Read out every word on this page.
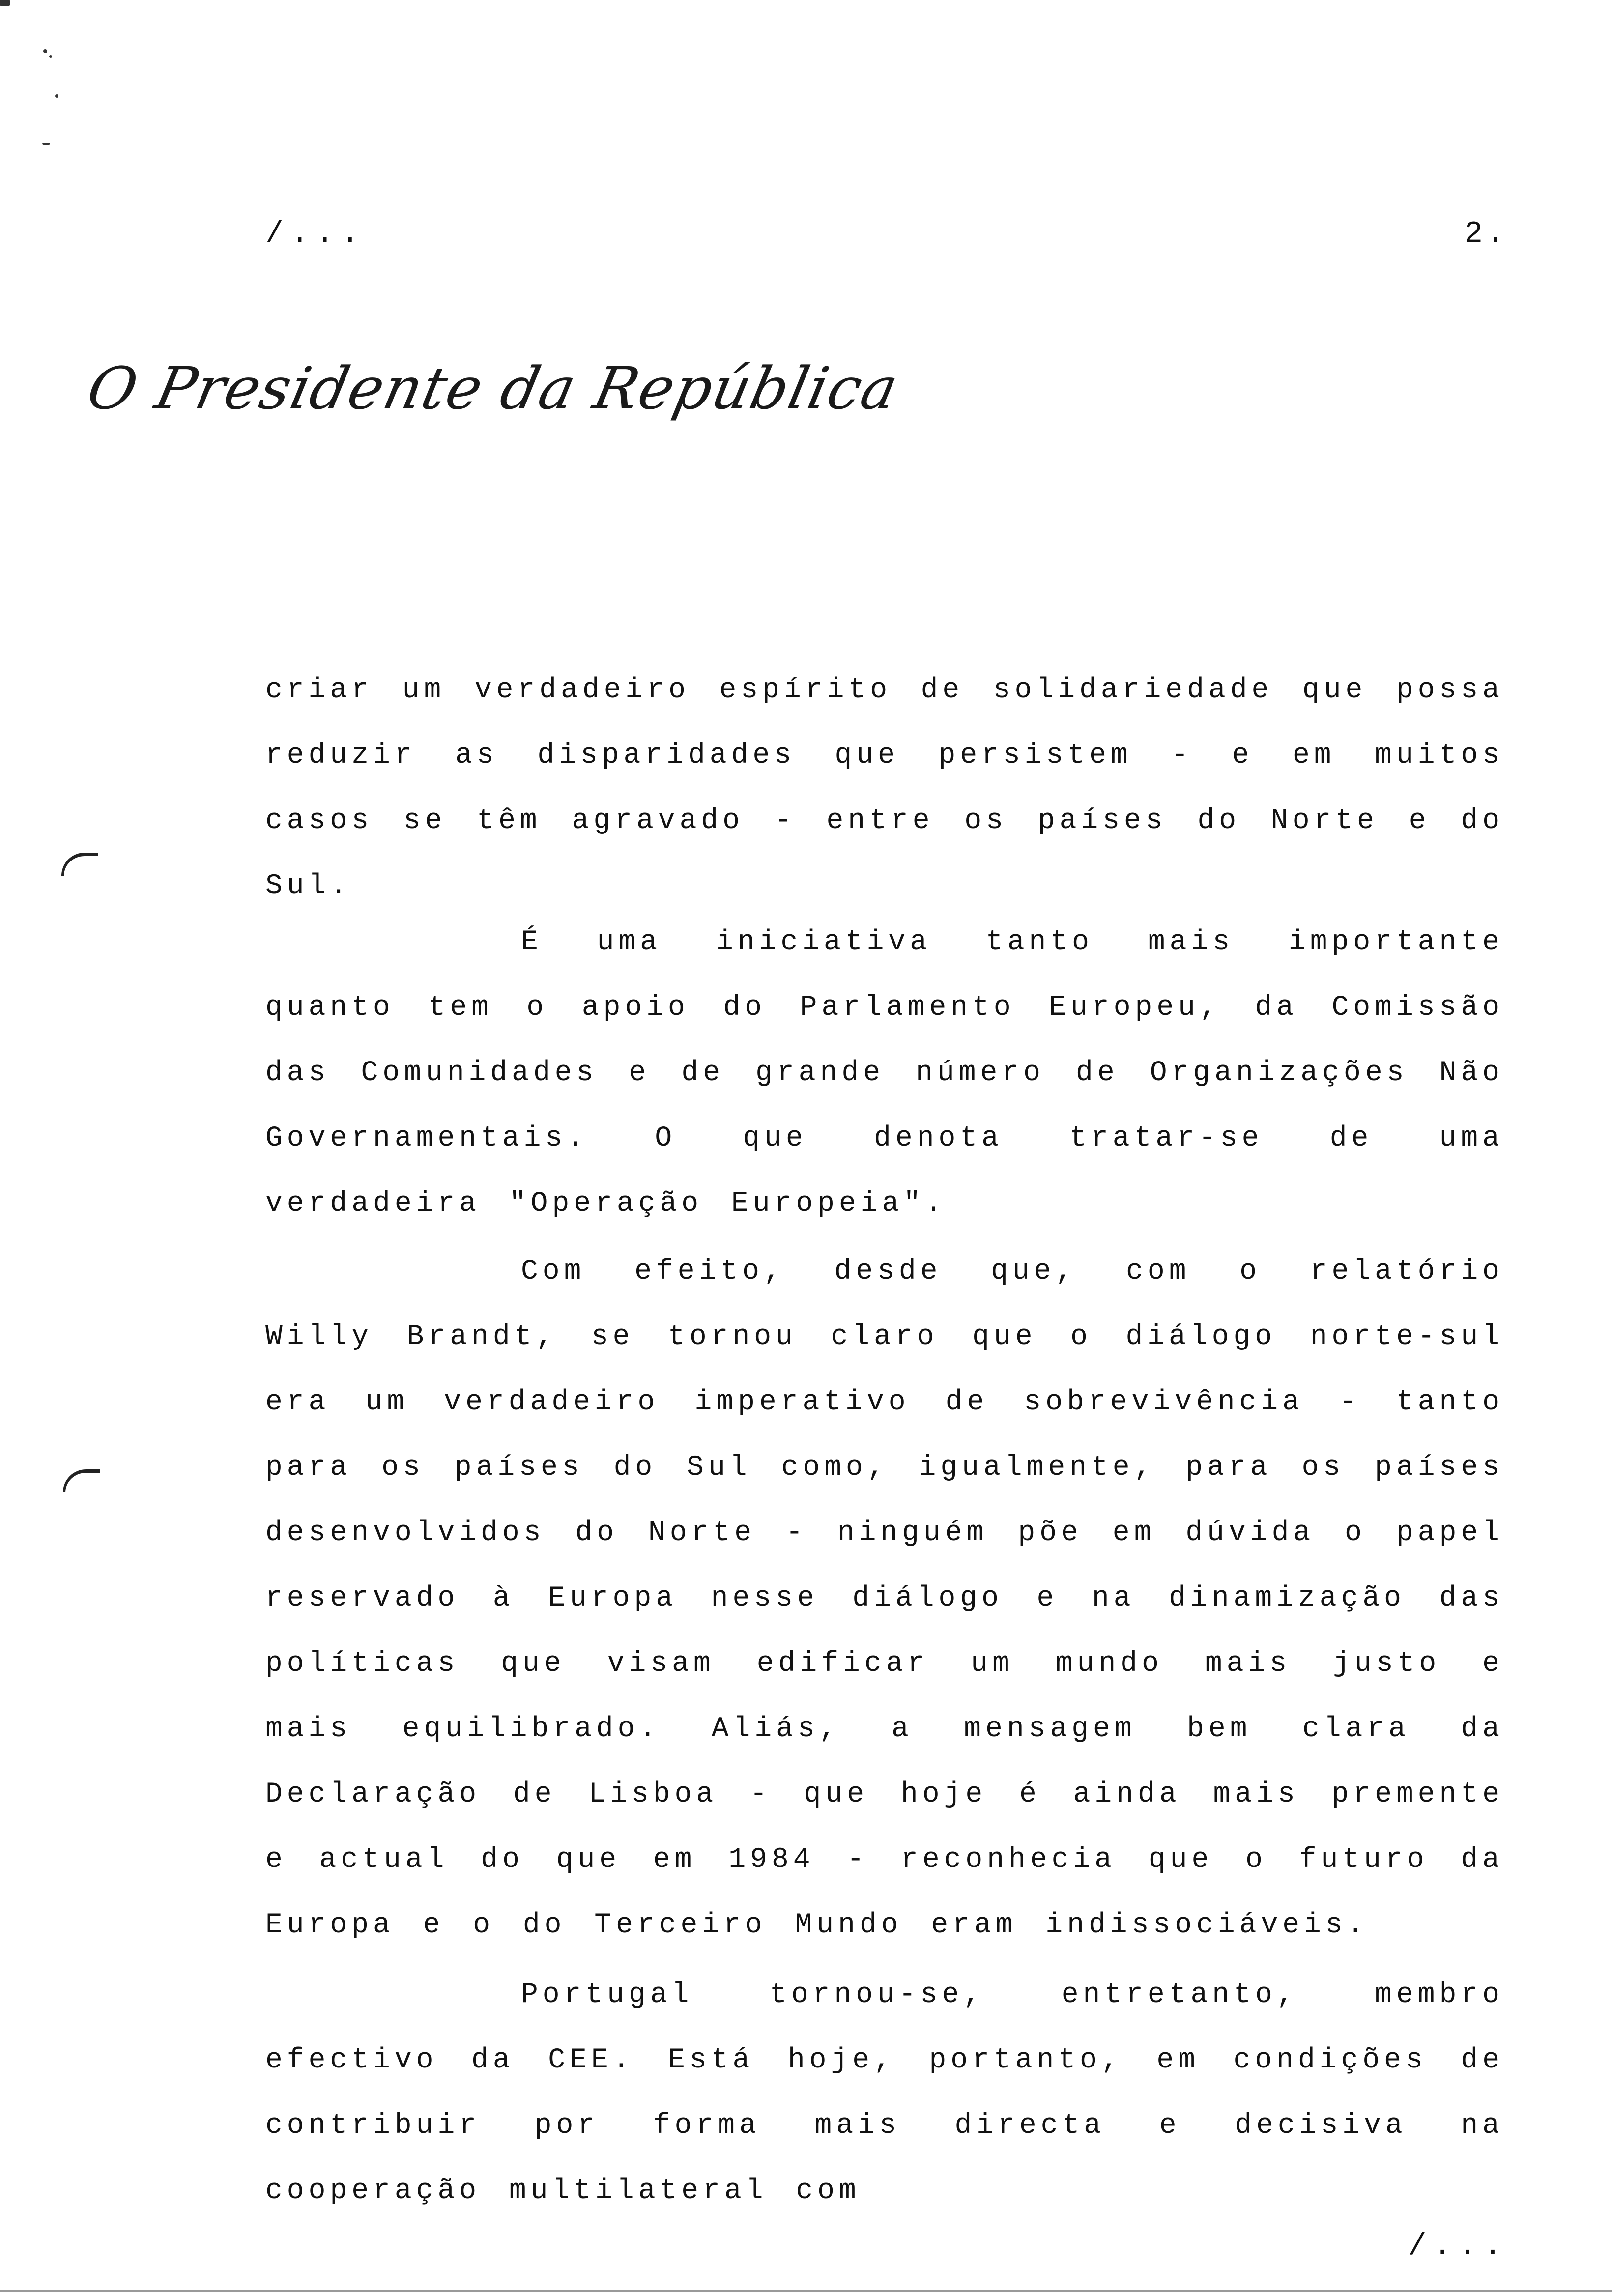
/...	2.
O Presidente da República

criar um verdadeiro espírito de solidariedade que possa reduzir as disparidades que persistem - e em muitos casos se têm agravado - entre os países do Norte e do Sul.

É uma iniciativa tanto mais importante quanto tem o apoio do Parlamento Europeu, da Comissão das Comunidades e de grande número de Organizações Não Governamentais. O que denota tratar-se de uma verdadeira "Operação Europeia".

Com efeito, desde que, com o relatório Willy Brandt, se tornou claro que o diálogo norte-sul era um verdadeiro imperativo de sobrevivência - tanto para os países do Sul como, igualmente, para os países desenvolvidos do Norte - ninguém põe em dúvida o papel reservado à Europa nesse diálogo e na dinamização das políticas que visam edificar um mundo mais justo e mais equilibrado. Aliás, a mensagem bem clara da Declaração de Lisboa - que hoje é ainda mais premente e actual do que em 1984 - reconhecia que o futuro da Europa e o do Terceiro Mundo eram indissociáveis.

Portugal tornou-se, entretanto, membro efectivo da CEE. Está hoje, portanto, em condições de contribuir por forma mais directa e decisiva na cooperação multilateral com

/...
